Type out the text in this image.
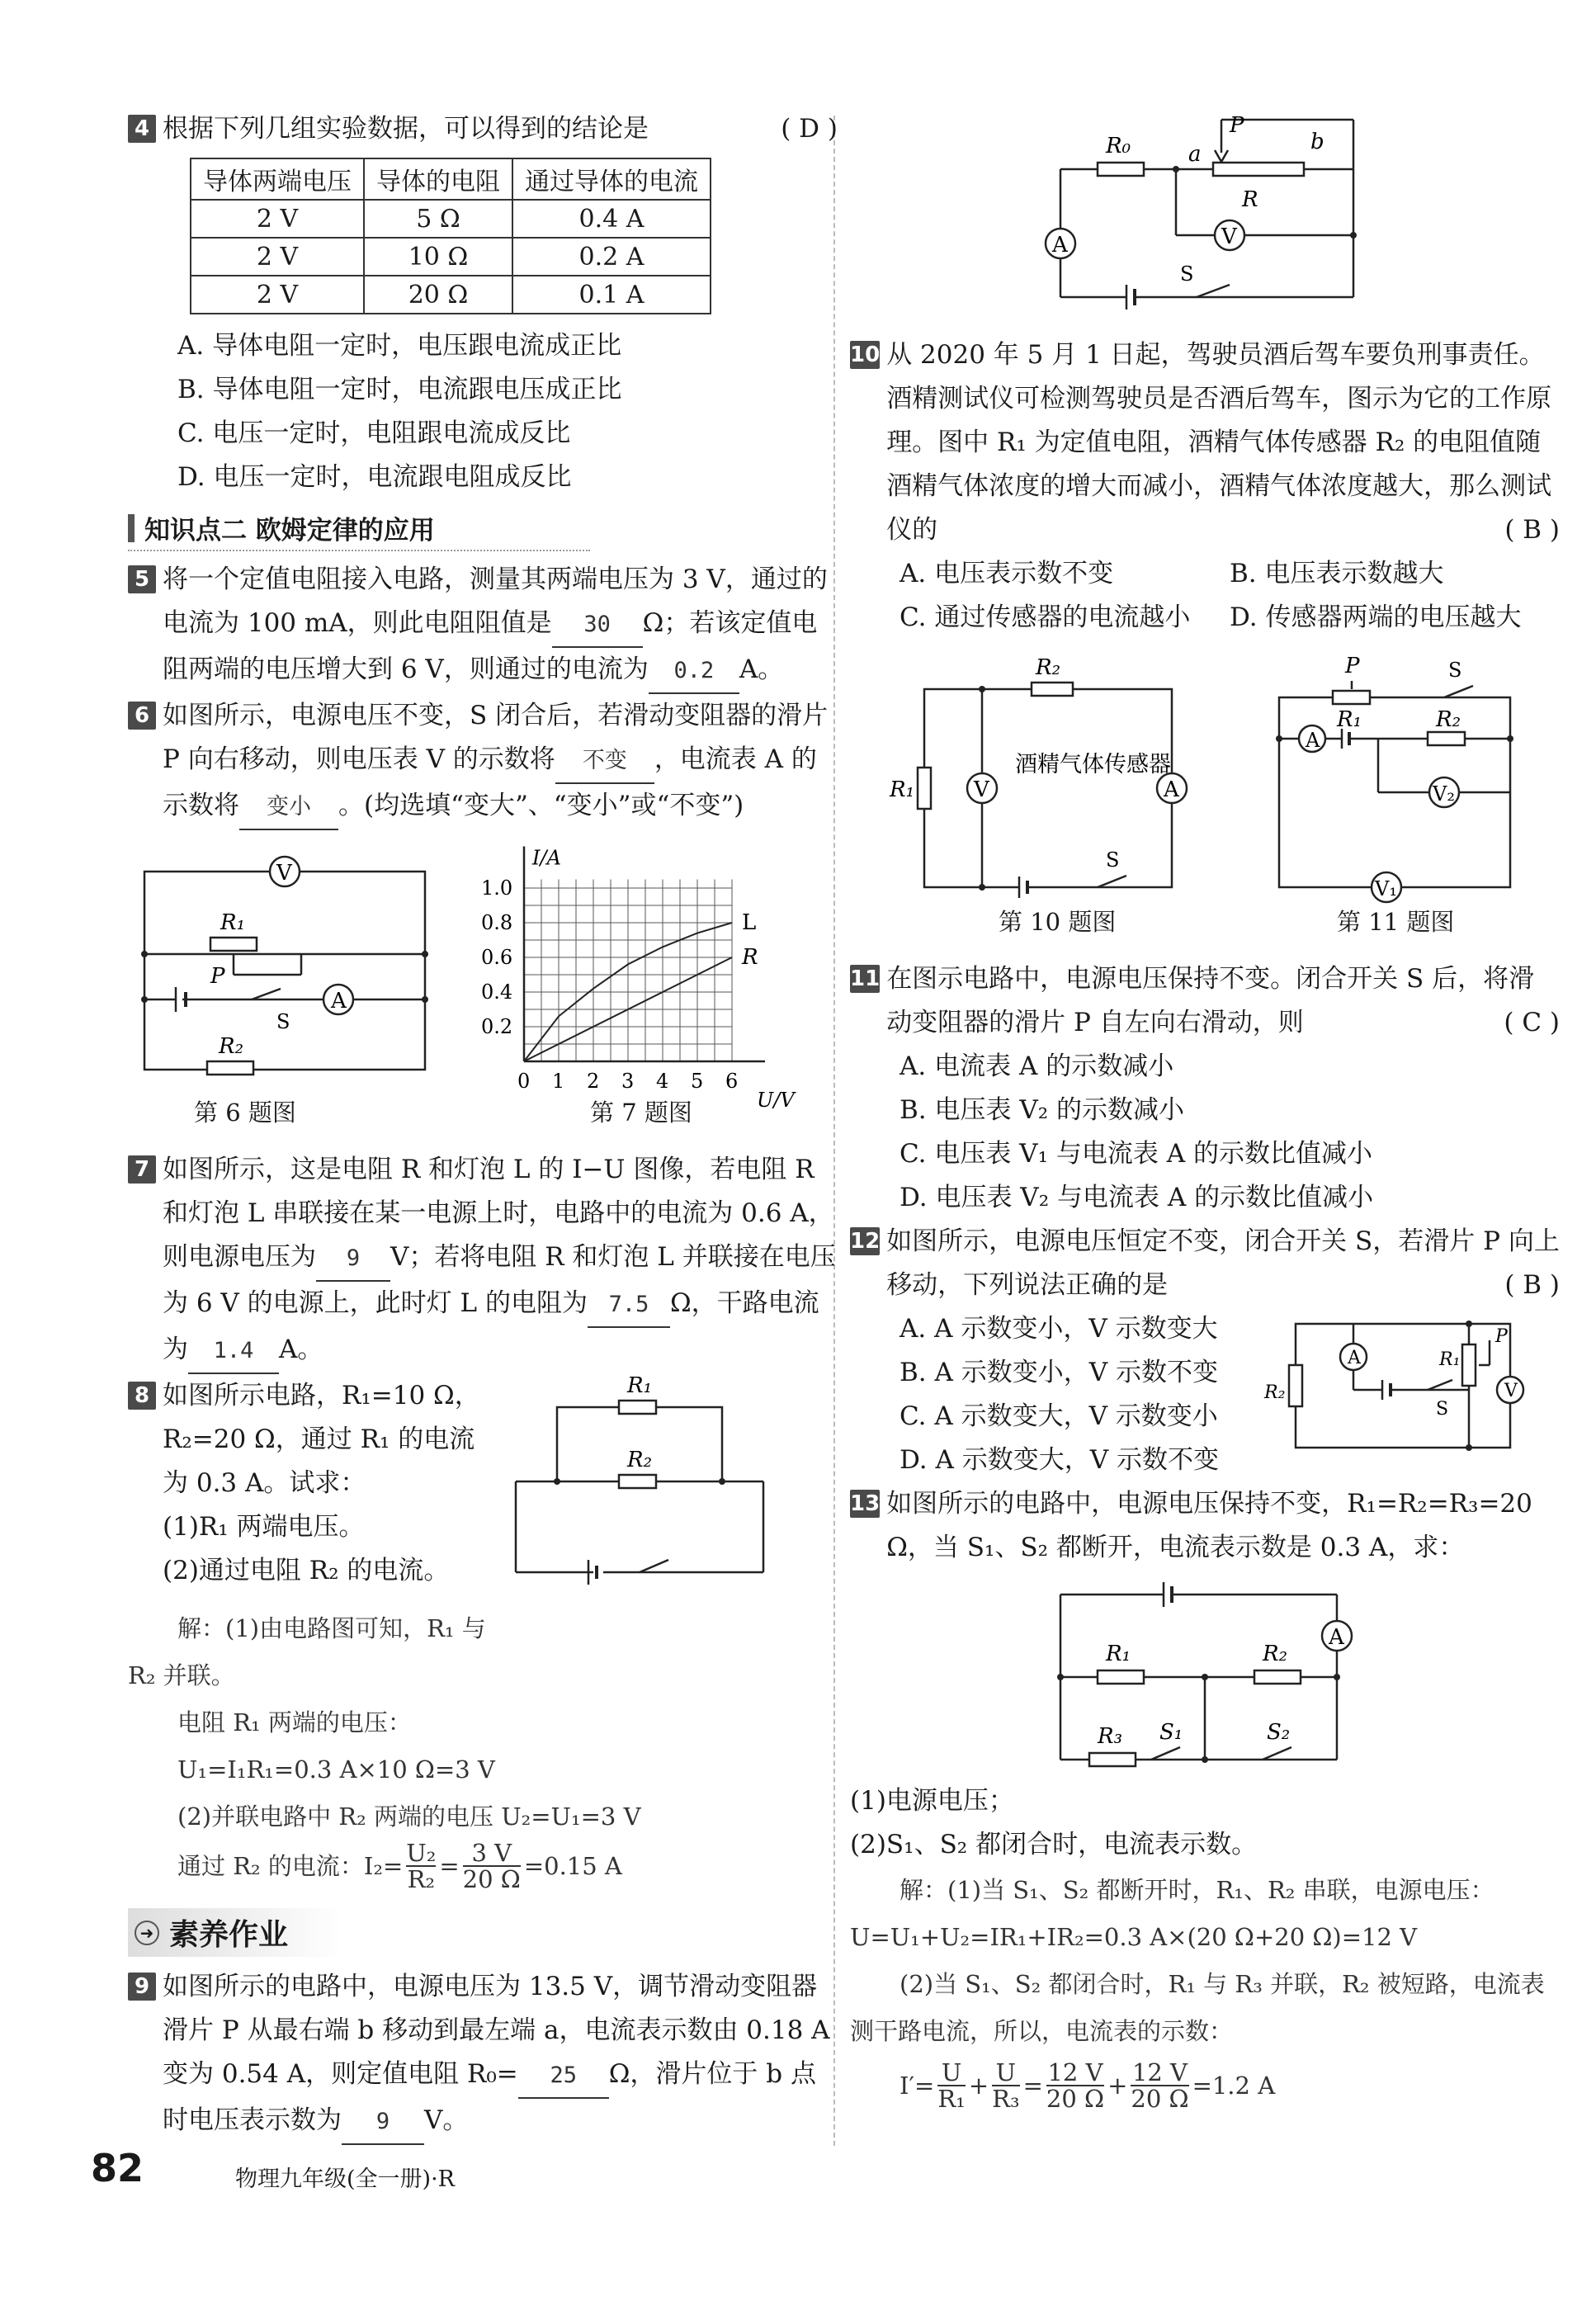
4 根据下列几组实验数据，可以得到的结论是	( D )
导体两端电压	导体的电阻	通过导体的电流
2 V	5 Ω	0.4 A
2 V	10 Ω	0.2 A
2 V	20 Ω	0.1 A
A. 导体电阻一定时，电压跟电流成正比
B. 导体电阻一定时，电流跟电压成正比
C. 电压一定时，电阻跟电流成反比
D. 电压一定时，电流跟电阻成反比
知识点二 欧姆定律的应用
5 将一个定值电阻接入电路，测量其两端电压为 3 V，通过的电流为 100 mA，则此电阻阻值是 30 Ω；若该定值电阻两端的电压增大到 6 V，则通过的电流为 0.2 A。
6 如图所示，电源电压不变，S 闭合后，若滑动变阻器的滑片 P 向右移动，则电压表 V 的示数将 不变 ，电流表 A 的示数将 变小 。(均选填“变大”、“变小”或“不变”)
V
A
R₁
P
S
R₂
0.2
0.4
0.6
0.8
1.0
0 1 2 3 4 5 6
I/A
U/V
L
R
第 6 题图	第 7 题图
7 如图所示，这是电阻 R 和灯泡 L 的 I−U 图像，若电阻 R 和灯泡 L 串联接在某一电源上时，电路中的电流为 0.6 A，则电源电压为 9 V；若将电阻 R 和灯泡 L 并联接在电压为 6 V 的电源上，此时灯 L 的电阻为 7.5 Ω，干路电流为 1.4 A。
8 如图所示电路，R₁=10 Ω，R₂=20 Ω，通过 R₁ 的电流为 0.3 A。试求：
(1)R₁ 两端电压。
(2)通过电阻 R₂ 的电流。
R₁
R₂
解：(1)由电路图可知，R₁ 与
R₂ 并联。
电阻 R₁ 两端的电压：
U₁=I₁R₁=0.3 A×10 Ω=3 V
(2)并联电路中 R₂ 两端的电压 U₂=U₁=3 V
通过 R₂ 的电流：$I_2= \frac{\text{U₂}}{\text{R₂}} = \frac{3 V}{20 \Omega} =0.15$ A
➜ 素养作业
9 如图所示的电路中，电源电压为 13.5 V，调节滑动变阻器滑片 P 从最右端 b 移动到最左端 a，电流表示数由 0.18 A 变为 0.54 A，则定值电阻 R₀= 25 Ω，滑片位于 b 点时电压表示数为 9 V。
R₀	a
P
b
R
V
A
S
10 从 2020 年 5 月 1 日起，驾驶员酒后驾车要负刑事责任。酒精测试仪可检测驾驶员是否酒后驾车，图示为它的工作原理。图中 R₁ 为定值电阻，酒精气体传感器 R₂ 的电阻值随酒精气体浓度的增大而减小，酒精气体浓度越大，那么测试仪的	( B )
A. 电压表示数不变	B. 电压表示数越大
C. 通过传感器的电流越小	D. 传感器两端的电压越大
R₂
R₁	V	A
S
酒精气体传感器
P
R₁	R₂
S
A
V₂
V₁
第 10 题图	第 11 题图
11 在图示电路中，电源电压保持不变。闭合开关 S 后，将滑动变阻器的滑片 P 自左向右滑动，则	( C )
A. 电流表 A 的示数减小
B. 电压表 V₂ 的示数减小
C. 电压表 V₁ 与电流表 A 的示数比值减小
D. 电压表 V₂ 与电流表 A 的示数比值减小
12 如图所示，电源电压恒定不变，闭合开关 S，若滑片 P 向上移动，下列说法正确的是	( B )
A. A 示数变小，V 示数变大
B. A 示数变小，V 示数不变
C. A 示数变大，V 示数变小
D. A 示数变大，V 示数不变
A
V
R₂
R₁
P
S
13 如图所示的电路中，电源电压保持不变，R₁=R₂=R₃=20 Ω，当 S₁、S₂ 都断开，电流表示数是 0.3 A，求：
A
R₁	R₂
R₃ S₁	S₂
(1)电源电压；
(2)S₁、S₂ 都闭合时，电流表示数。
解：(1)当 S₁、S₂ 都断开时，R₁、R₂ 串联，电源电压：U=U₁+U₂=IR₁+IR₂=0.3 A×(20 Ω+20 Ω)=12 V
(2)当 S₁、S₂ 都闭合时，R₁ 与 R₃ 并联，R₂ 被短路，电流表测干路电流，所以，电流表的示数：
$I'= \frac{U}{\text{R₁}} + \frac{U}{\text{R₃}} = \frac{12 V}{20 \Omega} + \frac{12 V}{20 \Omega} =1.2$ A
82	物理九年级(全一册)·R
